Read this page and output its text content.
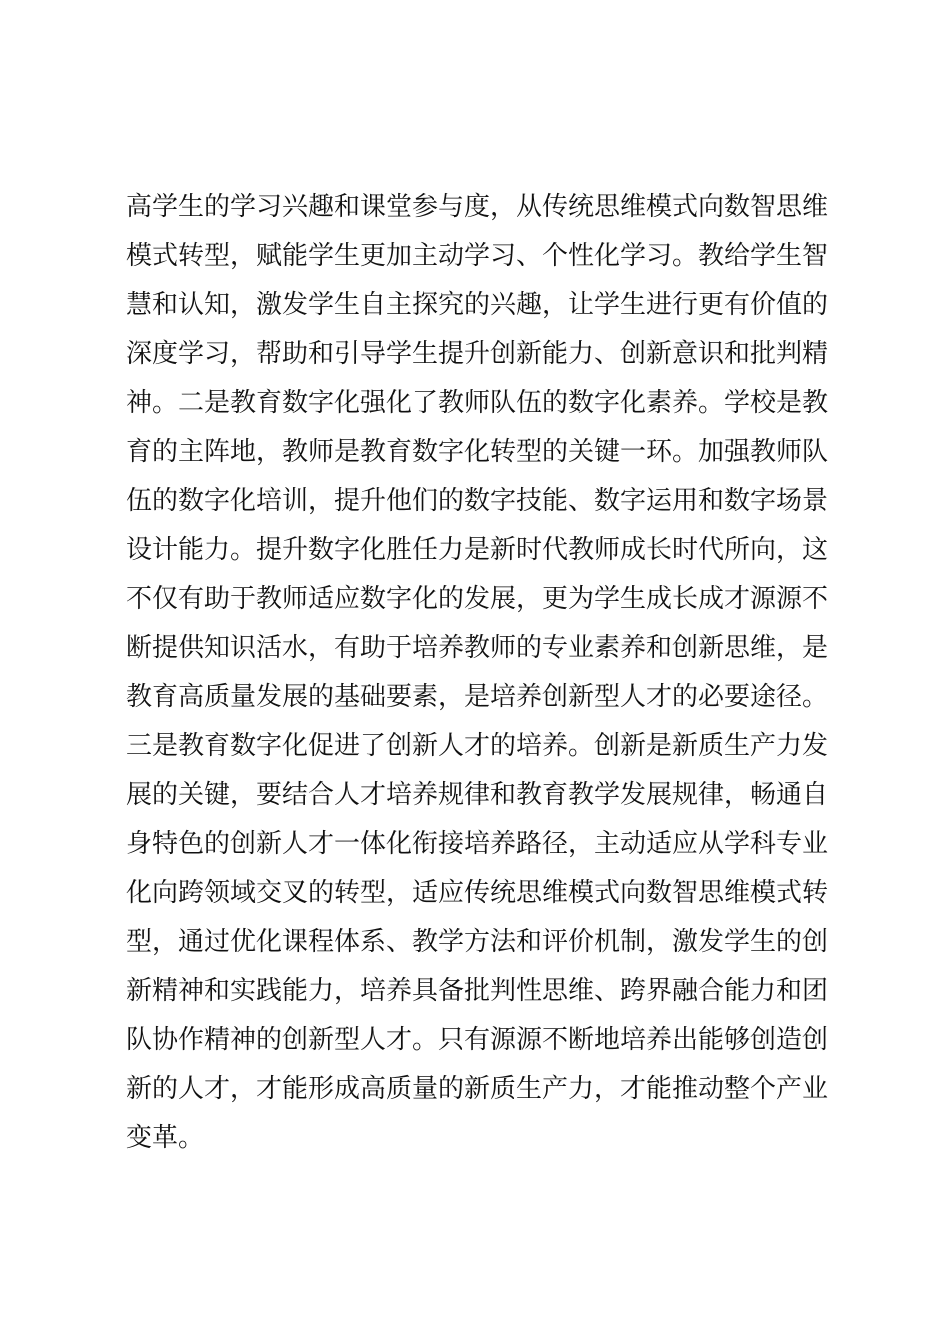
高学生的学习兴趣和课堂参与度，从传统思维模式向数智思维
模式转型，赋能学生更加主动学习、个性化学习。教给学生智
慧和认知，激发学生自主探究的兴趣，让学生进行更有价值的
深度学习，帮助和引导学生提升创新能力、创新意识和批判精
神。二是教育数字化强化了教师队伍的数字化素养。学校是教
育的主阵地，教师是教育数字化转型的关键一环。加强教师队
伍的数字化培训，提升他们的数字技能、数字运用和数字场景
设计能力。提升数字化胜任力是新时代教师成长时代所向，这
不仅有助于教师适应数字化的发展，更为学生成长成才源源不
断提供知识活水，有助于培养教师的专业素养和创新思维，是
教育高质量发展的基础要素，是培养创新型人才的必要途径。
三是教育数字化促进了创新人才的培养。创新是新质生产力发
展的关键，要结合人才培养规律和教育教学发展规律，畅通自
身特色的创新人才一体化衔接培养路径，主动适应从学科专业
化向跨领域交叉的转型，适应传统思维模式向数智思维模式转
型，通过优化课程体系、教学方法和评价机制，激发学生的创
新精神和实践能力，培养具备批判性思维、跨界融合能力和团
队协作精神的创新型人才。只有源源不断地培养出能够创造创
新的人才，才能形成高质量的新质生产力，才能推动整个产业
变革。
